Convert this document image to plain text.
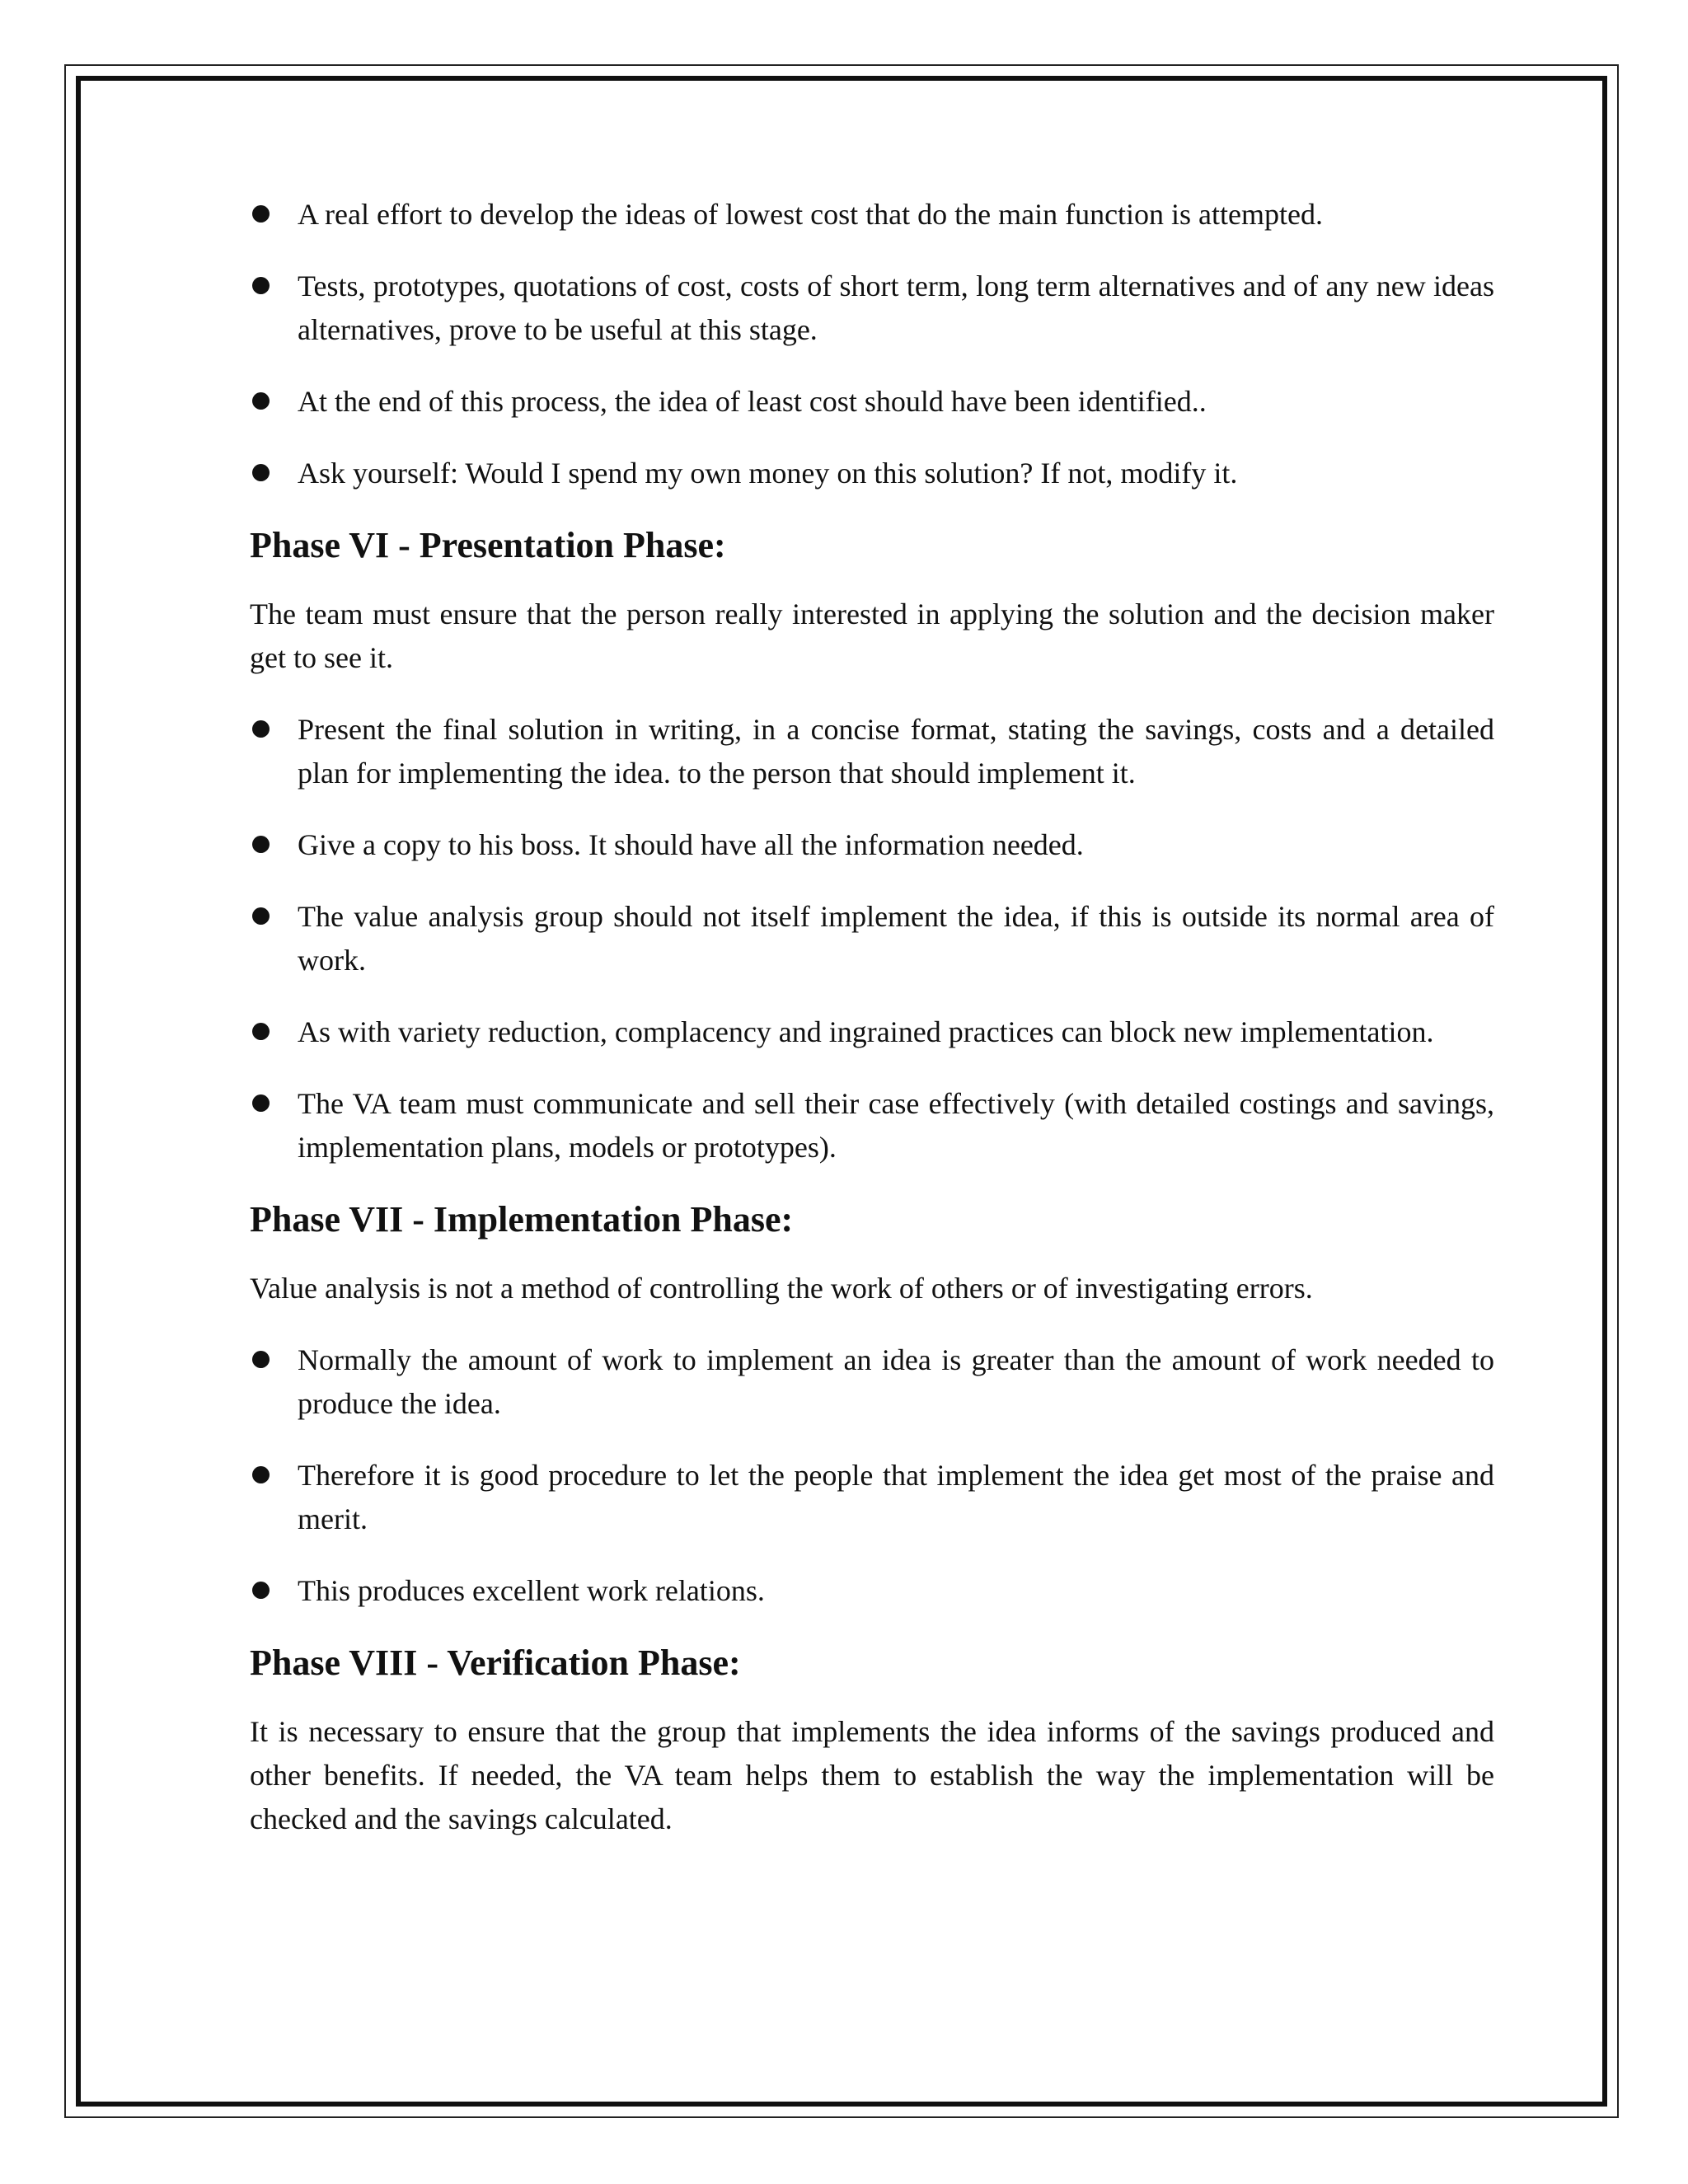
A real effort to develop the ideas of lowest cost that do the main function is attempted.
Tests, prototypes, quotations of cost, costs of short term, long term alternatives and of any new ideas alternatives, prove to be useful at this stage.
At the end of this process, the idea of least cost should have been identified..
Ask yourself: Would I spend my own money on this solution? If not, modify it.
Phase VI - Presentation Phase:

The team must ensure that the person really interested in applying the solution and the decision maker get to see it.

Present the final solution in writing, in a concise format, stating the savings, costs and a detailed plan for implementing the idea. to the person that should implement it.
Give a copy to his boss. It should have all the information needed.
The value analysis group should not itself implement the idea, if this is outside its normal area of work.
As with variety reduction, complacency and ingrained practices can block new implementation.
The VA team must communicate and sell their case effectively (with detailed costings and savings, implementation plans, models or prototypes).
Phase VII - Implementation Phase:

Value analysis is not a method of controlling the work of others or of investigating errors.

Normally the amount of work to implement an idea is greater than the amount of work needed to produce the idea.
Therefore it is good procedure to let the people that implement the idea get most of the praise and merit.
This produces excellent work relations.
Phase VIII - Verification Phase:

It is necessary to ensure that the group that implements the idea informs of the savings produced and other benefits. If needed, the VA team helps them to establish the way the implementation will be checked and the savings calculated.
